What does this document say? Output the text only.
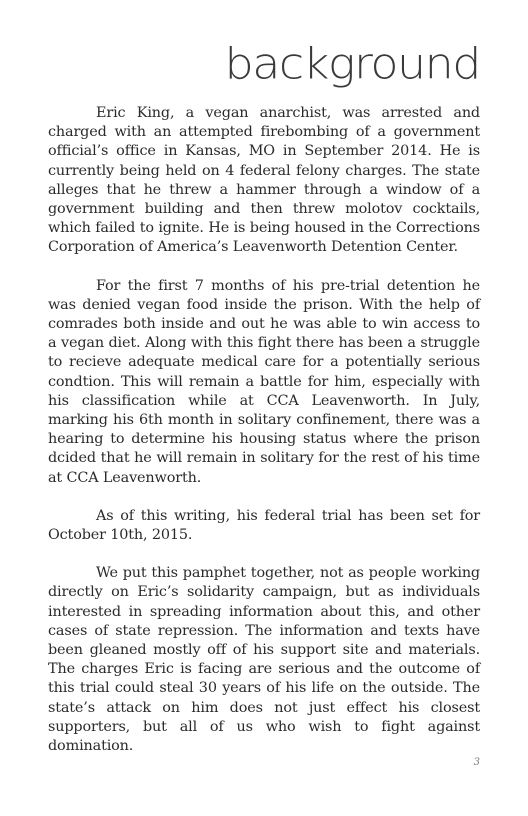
background

Eric King, a vegan anarchist, was arrested and charged with an attempted firebombing of a government official’s office in Kansas, MO in September 2014. He is currently being held on 4 federal felony charges. The state alleges that he threw a hammer through a window of a government building and then threw molotov cocktails, which failed to ignite. He is being housed in the Corrections Corporation of America’s Leavenworth Detention Center.

For the first 7 months of his pre-trial detention he was denied vegan food inside the prison. With the help of comrades both inside and out he was able to win access to a vegan diet. Along with this fight there has been a struggle to recieve adequate medical care for a potentially serious condtion. This will remain a battle for him, especially with his classification while at CCA Leavenworth. In July, marking his 6th month in solitary confinement, there was a hearing to determine his housing status where the prison dcided that he will remain in solitary for the rest of his time at CCA Leavenworth.

As of this writing, his federal trial has been set for October 10th, 2015.

We put this pamphet together, not as people working directly on Eric’s solidarity campaign, but as individuals interested in spreading information about this, and other cases of state repression. The information and texts have been gleaned mostly off of his support site and materials. The charges Eric is facing are serious and the outcome of this trial could steal 30 years of his life on the outside. The state’s attack on him does not just effect his closest supporters, but all of us who wish to fight against domination.

3
